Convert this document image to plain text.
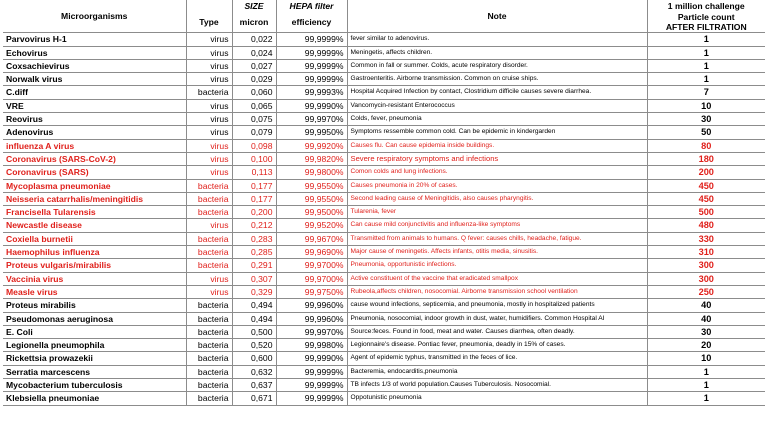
Microorganisms		SIZE	HEPA filter	Note	1 million challenge
	Type	micron	efficiency		Particle count
AFTER FILTRATION

Parvovirus H-1	virus	0,022	99,9999%	fever similar to adenovirus.	1
Echovirus	virus	0,024	99,9999%	Meningetis, affects children.	1
Coxsachievirus	virus	0,027	99,9999%	Common in fall or summer. Colds, acute respiratory disorder.	1
Norwalk virus	virus	0,029	99,9999%	Gastroenteritis. Airborne transmission. Common on cruise ships.	1
C.diff	bacteria	0,060	99,9993%	Hospital Acquired Infection by contact, Clostridium difficile causes severe diarrhea.	7
VRE	virus	0,065	99,9990%	Vancomycin-resistant Enterococcus	10
Reovirus	virus	0,075	99,9970%	Colds, fever, pneumonia	30
Adenovirus	virus	0,079	99,9950%	Symptoms ressemble common cold. Can be epidemic in kindergarden	50
influenza A virus	virus	0,098	99,9920%	Causes flu. Can cause epidemia inside buildings.	80
Coronavirus (SARS-CoV-2)	virus	0,100	99,9820%	Severe respiratory symptoms and infections	180
Coronavirus (SARS)	virus	0,113	99,9800%	Comon colds and lung infections.	200
Mycoplasma pneumoniae	bacteria	0,177	99,9550%	Causes pneumonia in 20% of cases.	450
Neisseria catarrhalis/meningitidis	bacteria	0,177	99,9550%	Second leading cause of Meningitidis, also causes pharyngitis.	450
Francisella Tularensis	bacteria	0,200	99,9500%	Tularenia, fever	500
Newcastle disease	virus	0,212	99,9520%	Can cause mild conjunctivitis and influenza-like symptoms	480
Coxiella burnetii	bacteria	0,283	99,9670%	Transmitted from animals to humans. Q fever: causes chills, headache, fatigue.	330
Haemophilus influenza	bacteria	0,285	99,9690%	Major cause of meningetis. Affects infants, otitis media, sinusitis.	310
Proteus vulgaris/mirabilis	bacteria	0,291	99,9700%	Pneumonia, opportunistic infections.	300
Vaccinia virus	virus	0,307	99,9700%	Active constituent of the vaccine that eradicated smallpox	300
Measle virus	virus	0,329	99,9750%	Rubeola,affects children, nosocomial. Airborne transmission school ventilation	250
Proteus mirabilis	bacteria	0,494	99,9960%	cause wound infections, septicemia, and pneumonia, mostly in hospitalized patients	40
Pseudomonas aeruginosa	bacteria	0,494	99,9960%	Pneumonia, nosocomial, indoor growth in dust, water, humidifiers. Common Hospital AI	40
E. Coli	bacteria	0,500	99,9970%	Source:feces. Found in food, meat and water. Causes diarrhea, often deadly.	30
Legionella pneumophila	bacteria	0,520	99,9980%	Legionnaire's disease. Pontiac fever, pneumonia, deadly in 15% of cases.	20
Rickettsia prowazekii	bacteria	0,600	99,9990%	Agent of epidemic typhus, transmitted in the feces of lice.	10
Serratia marcescens	bacteria	0,632	99,9999%	Bacteremia, endocarditis,pneumonia	1
Mycobacterium tuberculosis	bacteria	0,637	99,9999%	TB infects 1/3 of world population.Causes Tuberculosis. Nosocomial.	1
Klebsiella pneumoniae	bacteria	0,671	99,9999%	Oppotunistic pneumonia	1
